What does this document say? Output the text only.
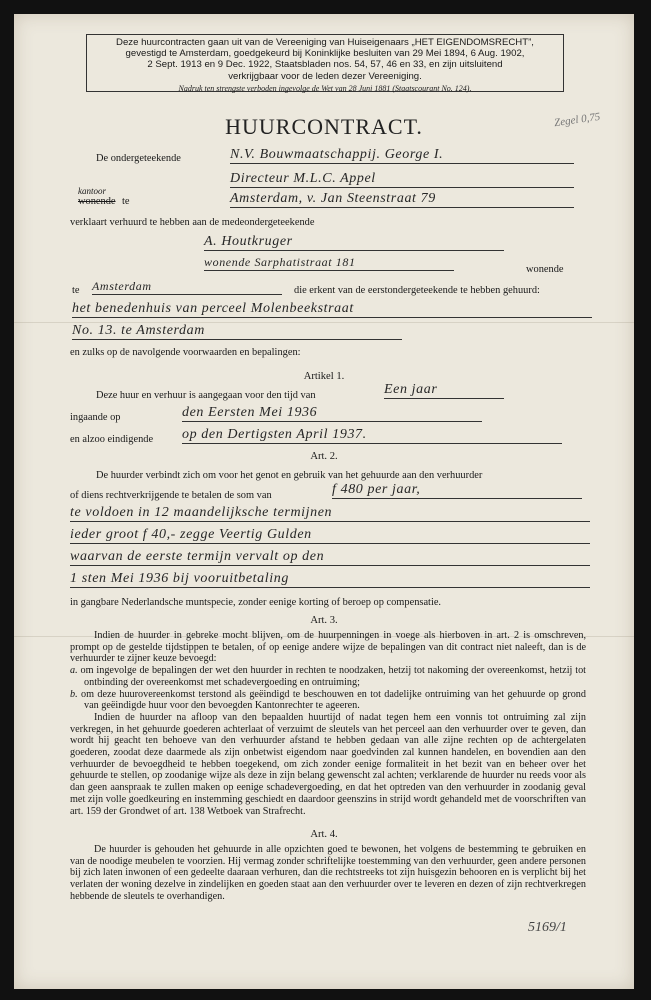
Deze huurcontracten gaan uit van de Vereeniging van Huiseigenaars „HET EIGENDOMSRECHT”,
gevestigd te Amsterdam, goedgekeurd bij Koninklijke besluiten van 29 Mei 1894, 6 Aug. 1902,
2 Sept. 1913 en 9 Dec. 1922, Staatsbladen nos. 54, 57, 46 en 33, en zijn uitsluitend
verkrijgbaar voor de leden dezer Vereeniging.
Nadruk ten strengste verboden ingevolge de Wet van 28 Juni 1881 (Staatscourant No. 124).
Zegel 0,75
HUURCONTRACT.
De ondergeteekende	N.V. Bouwmaatschappij. George I.
Directeur M.L.C. Appel
kantoor
wonende te	Amsterdam, v. Jan Steenstraat 79
verklaart verhuurd te hebben aan de medeondergeteekende
A. Houtkruger
wonende Sarphatistraat 181
wonende
te Amsterdam	die erkent van de eerstondergeteekende te hebben gehuurd:
het benedenhuis van perceel Molenbeekstraat
No. 13. te Amsterdam
en zulks op de navolgende voorwaarden en bepalingen:
Artikel 1.
Deze huur en verhuur is aangegaan voor den tijd van	Een jaar
ingaande op	den Eersten Mei 1936
en alzoo eindigende op den Dertigsten April 1937.
Art. 2.
De huurder verbindt zich om voor het genot en gebruik van het gehuurde aan den verhuurder
of diens rechtverkrijgende te betalen de som van	f 480 per jaar,
te voldoen in 12 maandelijksche termijnen
ieder groot f 40,- zegge Veertig Gulden
waarvan de eerste termijn vervalt op den
1 sten Mei 1936 bij vooruitbetaling
in gangbare Nederlandsche muntspecie, zonder eenige korting of beroep op compensatie.
Art. 3.

Indien de huurder in gebreke mocht blijven, om de huurpenningen in voege als hierboven in art. 2 is omschreven, prompt op de gestelde tijdstippen te betalen, of op eenige andere wijze de bepalingen van dit contract niet naleeft, dan is de verhuurder te zijner keuze bevoegd:

a. om ingevolge de bepalingen der wet den huurder in rechten te noodzaken, hetzij tot nakoming der overeenkomst, hetzij tot ontbinding der overeenkomst met schadevergoeding en ontruiming;

b. om deze huurovereenkomst terstond als geëindigd te beschouwen en tot dadelijke ontruiming van het gehuurde op grond van geëindigde huur voor den bevoegden Kantonrechter te ageeren.

Indien de huurder na afloop van den bepaalden huurtijd of nadat tegen hem een vonnis tot ontruiming zal zijn verkregen, in het gehuurde goederen achterlaat of verzuimt de sleutels van het perceel aan den verhuurder over te geven, dan wordt hij geacht ten behoeve van den verhuurder afstand te hebben gedaan van alle zijne rechten op de achtergelaten goederen, zoodat deze daarmede als zijn onbetwist eigendom naar goedvinden zal kunnen handelen, en bovendien aan den verhuurder de bevoegdheid te hebben toegekend, om zich zonder eenige formaliteit in het bezit van en beheer over het gehuurde te stellen, op zoodanige wijze als deze in zijn belang gewenscht zal achten; verklarende de huurder nu reeds voor als dan geen aanspraak te zullen maken op eenige schadevergoeding, en dat het optreden van den verhuurder in zoodanig geval met zijn volle goedkeuring en instemming geschiedt en daardoor geenszins in strijd wordt gehandeld met de voorschriften van art. 159 der Grondwet of art. 138 Wetboek van Strafrecht.

Art. 4.

De huurder is gehouden het gehuurde in alle opzichten goed te bewonen, het volgens de bestemming te gebruiken en van de noodige meubelen te voorzien. Hij vermag zonder schriftelijke toestemming van den verhuurder, geen andere personen bij zich laten inwonen of een gedeelte daaraan verhuren, dan die rechtstreeks tot zijn huisgezin behooren en is verplicht bij het verlaten der woning dezelve in zindelijken en goeden staat aan den verhuurder over te leveren en dezen of zijn rechtverkregen hebbende de sleutels te overhandigen.

5169/1
